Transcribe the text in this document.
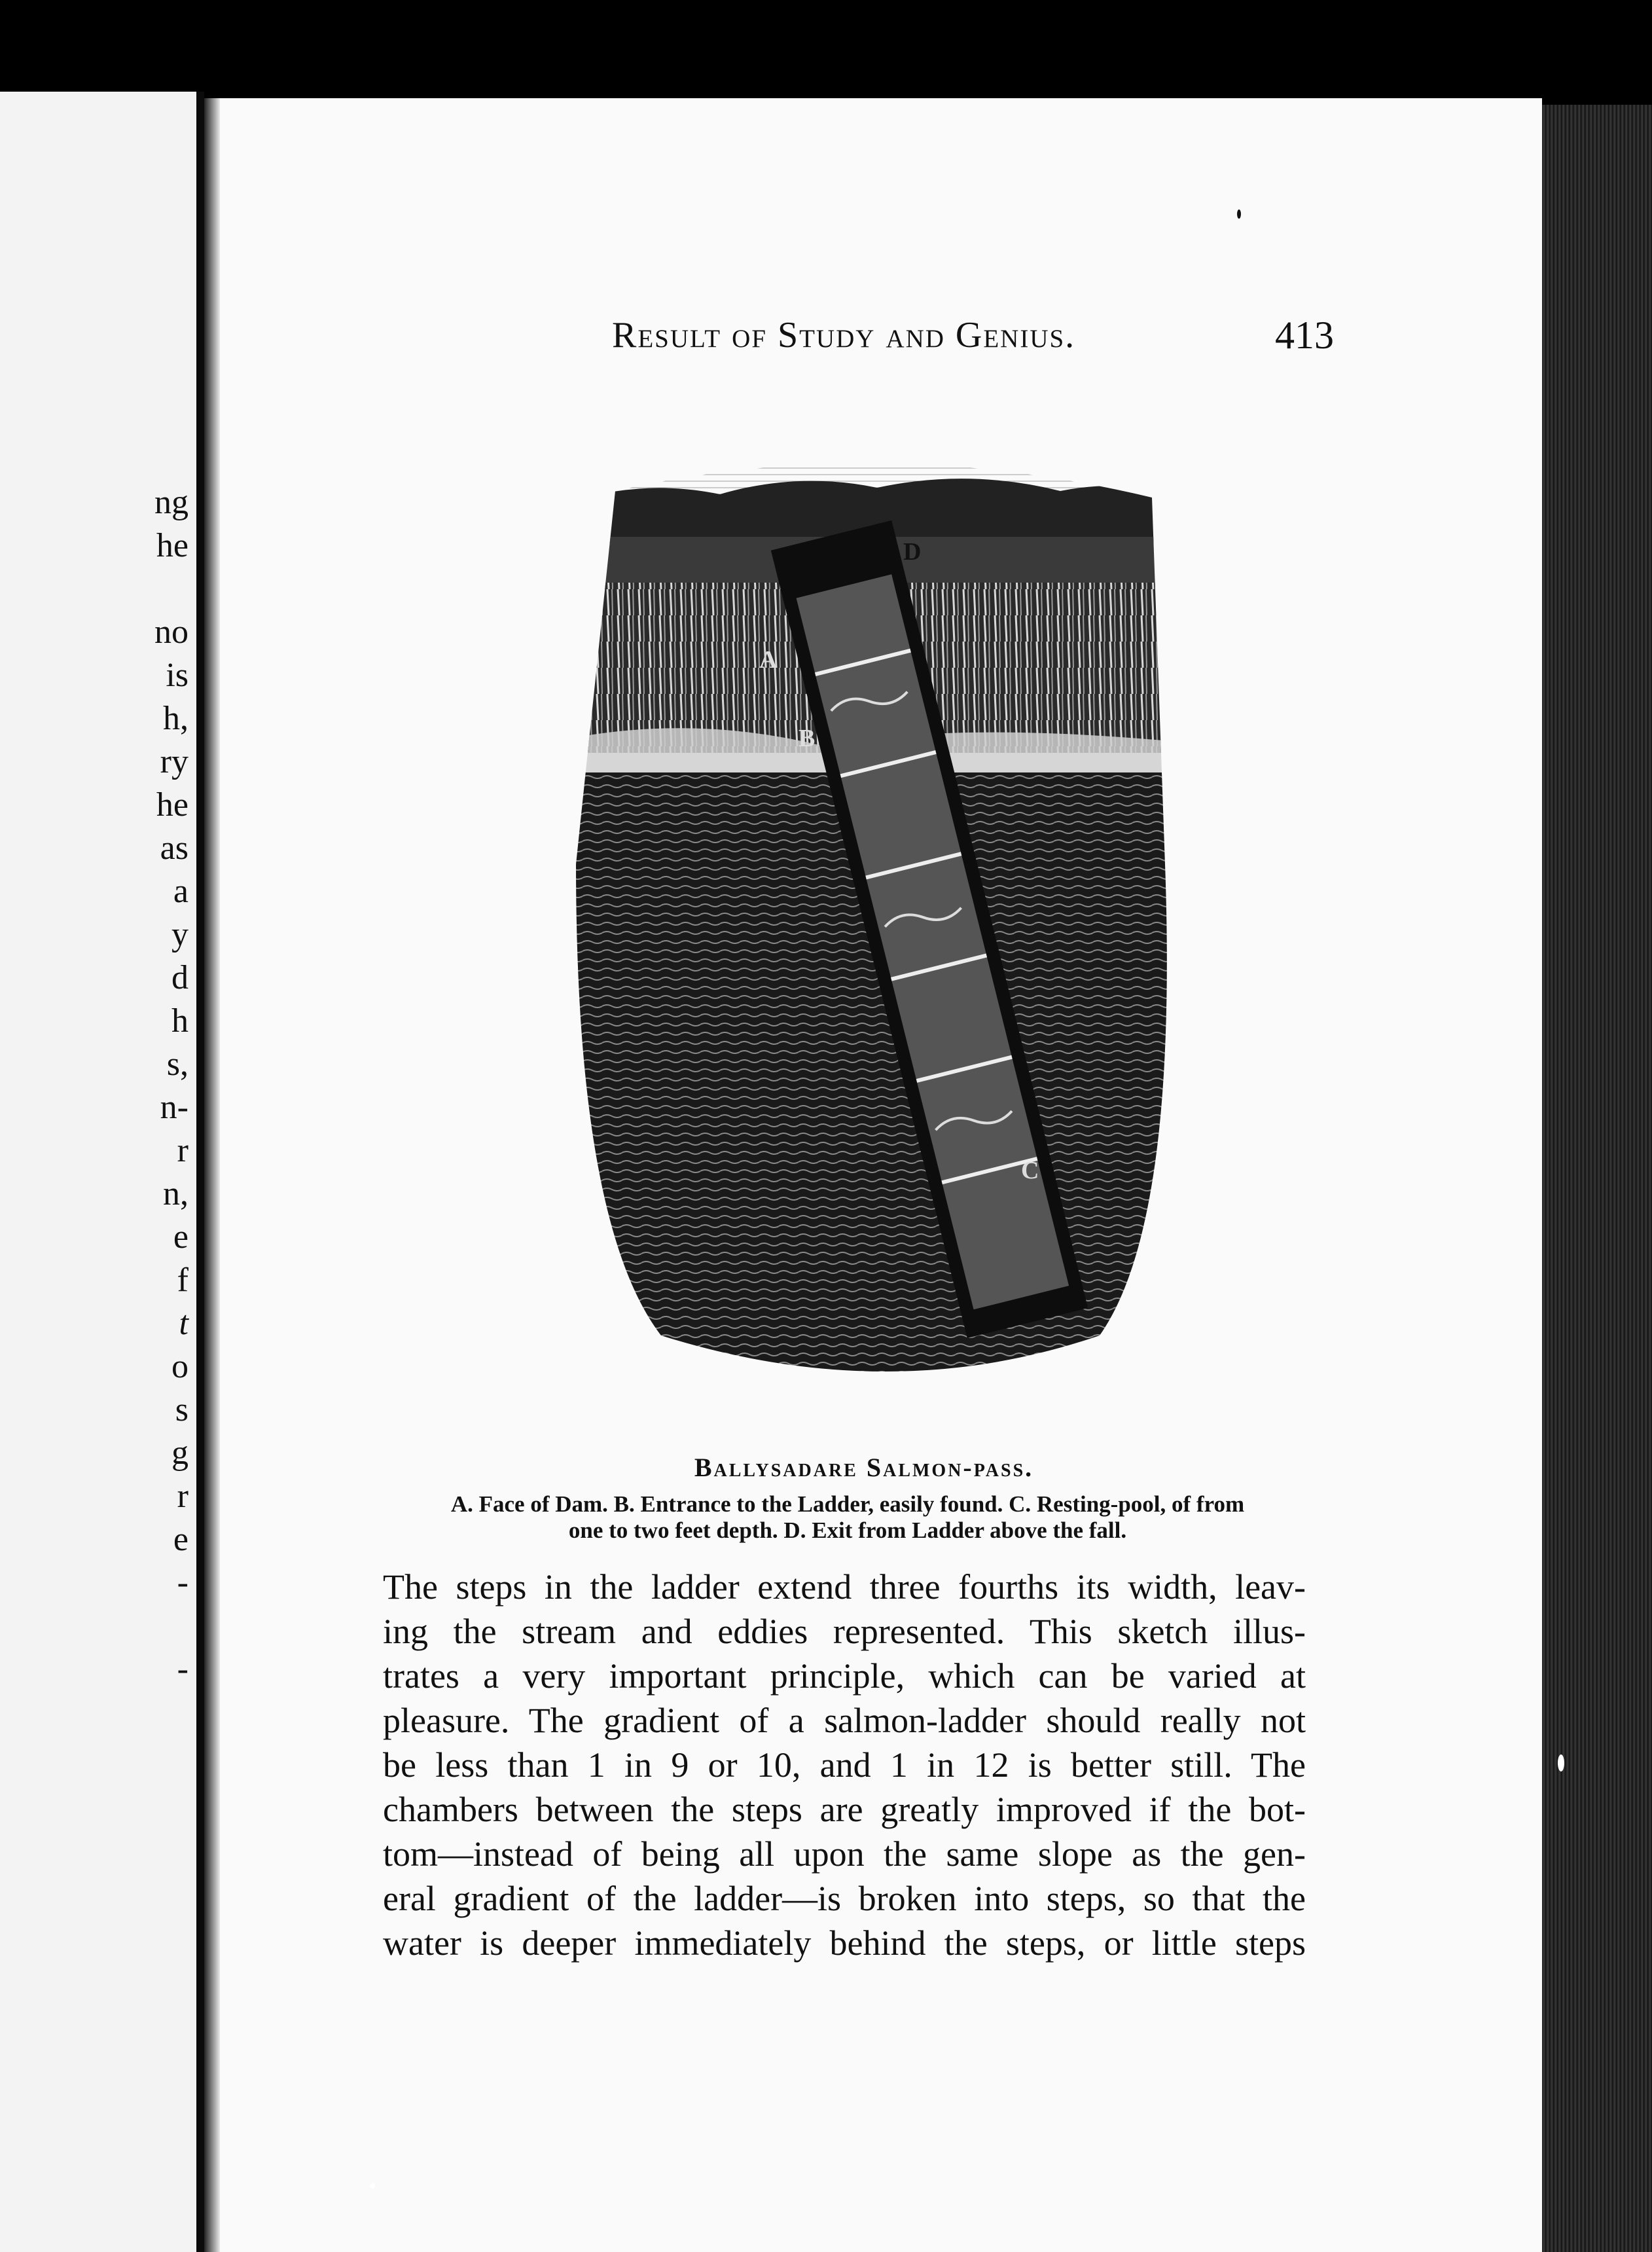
ng
he
no
is
h,
ry
he
as
a
y
d
h
s,
n-
r
n,
e
f
t
o
s
g
r
e
-
-
Result of Study and Genius.	413
D
A
B
C
Ballysadare Salmon-pass.
A. Face of Dam. B. Entrance to the Ladder, easily found. C. Resting-pool, of from
one to two feet depth. D. Exit from Ladder above the fall.
The steps in the ladder extend three fourths its width, leav-
ing the stream and eddies represented. This sketch illus-
trates a very important principle, which can be varied at
pleasure. The gradient of a salmon-ladder should really not
be less than 1 in 9 or 10, and 1 in 12 is better still. The
chambers between the steps are greatly improved if the bot-
tom—instead of being all upon the same slope as the gen-
eral gradient of the ladder—is broken into steps, so that the
water is deeper immediately behind the steps, or little steps
